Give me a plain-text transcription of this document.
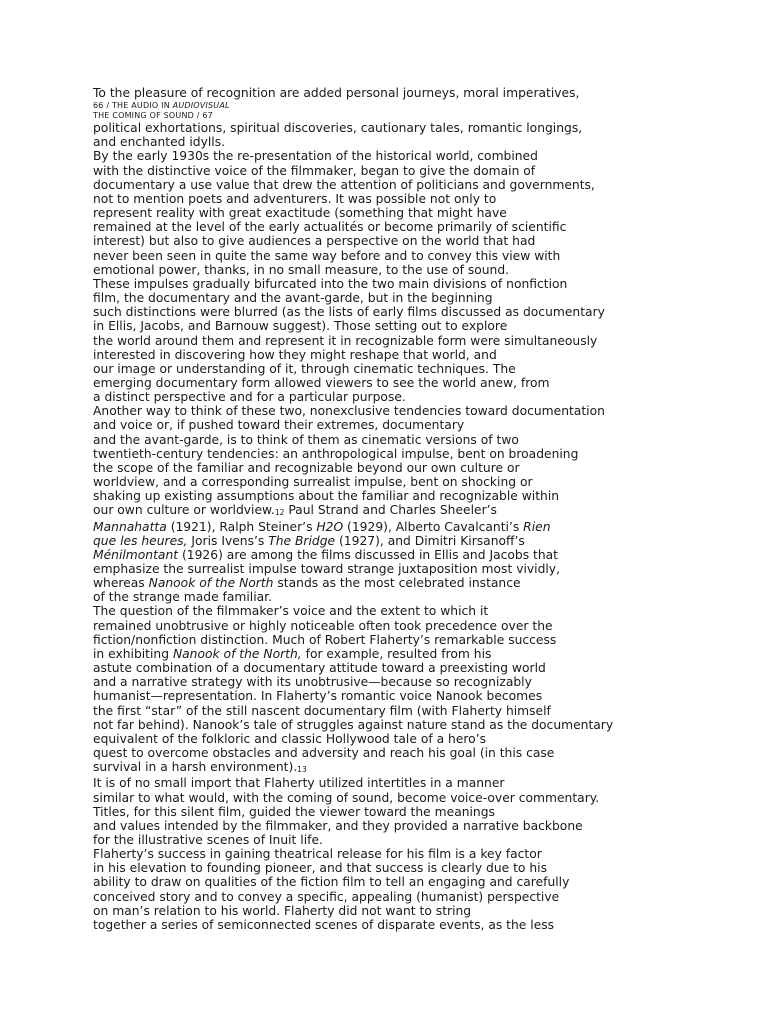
To the pleasure of recognition are added personal journeys, moral imperatives,
66 / THE AUDIO IN AUDIOVISUAL
THE COMING OF SOUND / 67
political exhortations, spiritual discoveries, cautionary tales, romantic longings,
and enchanted idylls.
By the early 1930s the re-presentation of the historical world, combined
with the distinctive voice of the filmmaker, began to give the domain of
documentary a use value that drew the attention of politicians and governments,
not to mention poets and adventurers. It was possible not only to
represent reality with great exactitude (something that might have
remained at the level of the early actualités or become primarily of scientific
interest) but also to give audiences a perspective on the world that had
never been seen in quite the same way before and to convey this view with
emotional power, thanks, in no small measure, to the use of sound.
These impulses gradually bifurcated into the two main divisions of nonfiction
film, the documentary and the avant-garde, but in the beginning
such distinctions were blurred (as the lists of early films discussed as documentary
in Ellis, Jacobs, and Barnouw suggest). Those setting out to explore
the world around them and represent it in recognizable form were simultaneously
interested in discovering how they might reshape that world, and
our image or understanding of it, through cinematic techniques. The
emerging documentary form allowed viewers to see the world anew, from
a distinct perspective and for a particular purpose.
Another way to think of these two, nonexclusive tendencies toward documentation
and voice or, if pushed toward their extremes, documentary
and the avant-garde, is to think of them as cinematic versions of two
twentieth-century tendencies: an anthropological impulse, bent on broadening
the scope of the familiar and recognizable beyond our own culture or
worldview, and a corresponding surrealist impulse, bent on shocking or
shaking up existing assumptions about the familiar and recognizable within
our own culture or $worldview._{12}$ Paul Strand and Charles Sheeler’s
Mannahatta (1921), Ralph Steiner’s H2O (1929), Alberto Cavalcanti’s Rien
que les heures, Joris Ivens’s The Bridge (1927), and Dimitri Kirsanoff’s
Ménilmontant (1926) are among the films discussed in Ellis and Jacobs that
emphasize the surrealist impulse toward strange juxtaposition most vividly,
whereas Nanook of the North stands as the most celebrated instance
of the strange made familiar.
The question of the filmmaker’s voice and the extent to which it
remained unobtrusive or highly noticeable often took precedence over the
fiction/nonfiction distinction. Much of Robert Flaherty’s remarkable success
in exhibiting Nanook of the North, for example, resulted from his
astute combination of a documentary attitude toward a preexisting world
and a narrative strategy with its unobtrusive—because so recognizably
humanist—representation. In Flaherty’s romantic voice Nanook becomes
the first “star” of the still nascent documentary film (with Flaherty himself
not far behind). Nanook’s tale of struggles against nature stand as the documentary
equivalent of the folkloric and classic Hollywood tale of a hero’s
quest to overcome obstacles and adversity and reach his goal (in this case
survival in a harsh $environment)._{13}$
It is of no small import that Flaherty utilized intertitles in a manner
similar to what would, with the coming of sound, become voice-over commentary.
Titles, for this silent film, guided the viewer toward the meanings
and values intended by the filmmaker, and they provided a narrative backbone
for the illustrative scenes of Inuit life.
Flaherty’s success in gaining theatrical release for his film is a key factor
in his elevation to founding pioneer, and that success is clearly due to his
ability to draw on qualities of the fiction film to tell an engaging and carefully
conceived story and to convey a specific, appealing (humanist) perspective
on man’s relation to his world. Flaherty did not want to string
together a series of semiconnected scenes of disparate events, as the less
